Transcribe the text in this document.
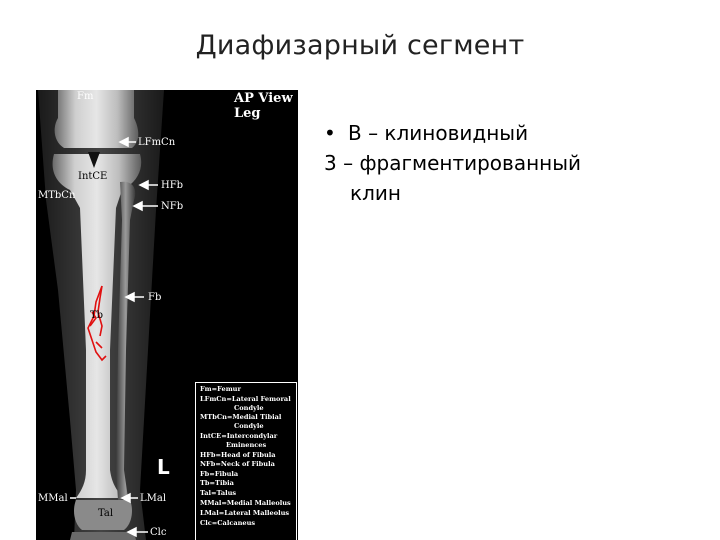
Диафизарный сегмент
Fm	AP View
Leg
LFmCn
IntCE
MTbCn
HFb
NFb
Fb
Tb
MMal
Tal
LMal
Clc
L
Fm=Femur
LFmCn=Lateral Femoral
Condyle
MTbCn=Medial Tibial
Condyle
IntCE=Intercondylar
Eminences
HFb=Head of Fibula
NFb=Neck of Fibula
Fb=Fibula
Tb=Tibia
Tal=Talus
MMal=Medial Malleolus
LMal=Lateral Malleolus
Clc=Calcaneus
• В – клиновидный
3 – фрагментированный
клин
